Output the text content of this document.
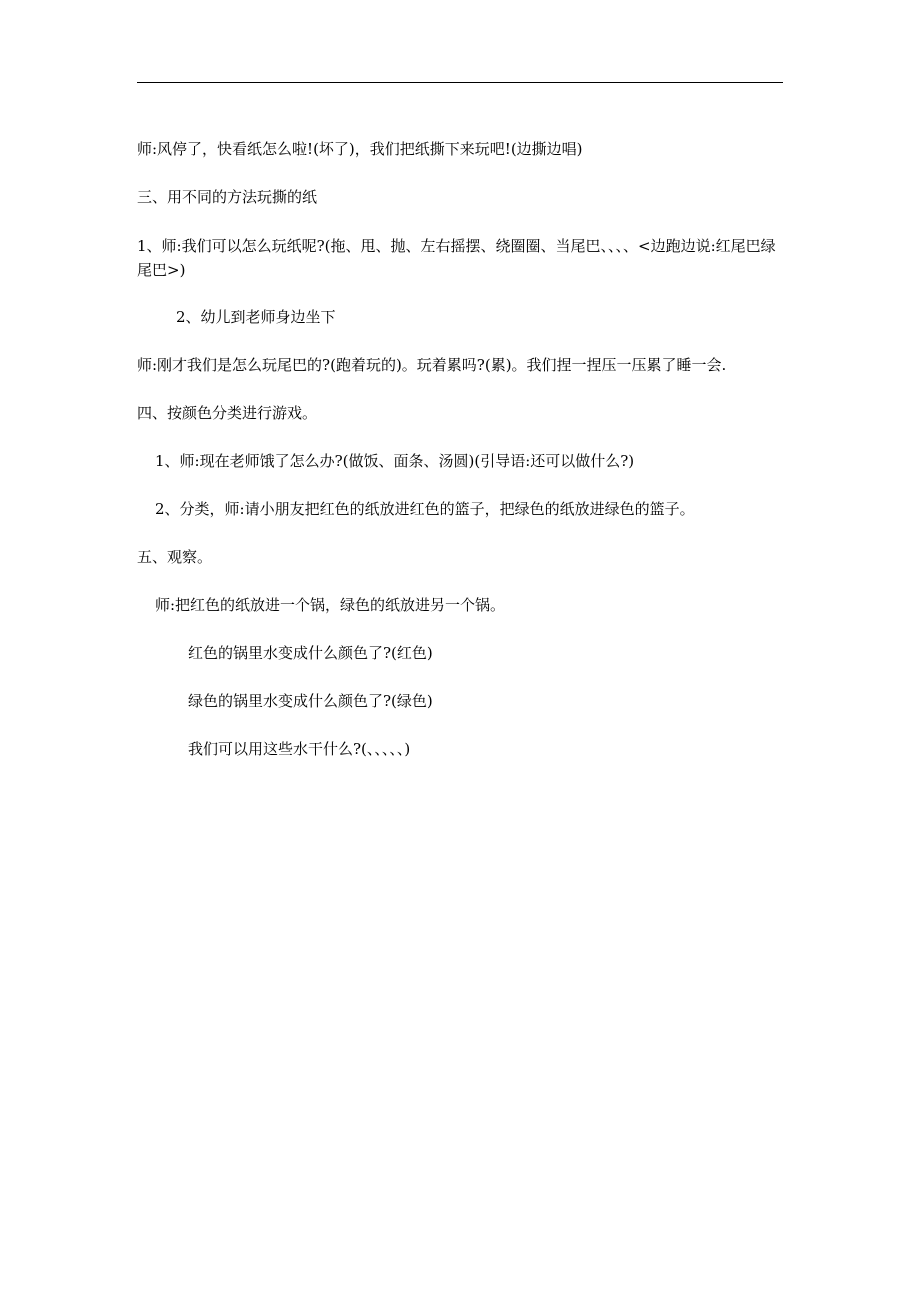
师:风停了，快看纸怎么啦!(坏了)，我们把纸撕下来玩吧!(边撕边唱)
三、用不同的方法玩撕的纸
1、师:我们可以怎么玩纸呢?(拖、甩、抛、左右摇摆、绕圈圈、当尾巴、、、、<边跑边说:红尾巴绿尾巴>)
2、幼儿到老师身边坐下
师:刚才我们是怎么玩尾巴的?(跑着玩的)。玩着累吗?(累)。我们捏一捏压一压累了睡一会.
四、按颜色分类进行游戏。
1、师:现在老师饿了怎么办?(做饭、面条、汤圆)(引导语:还可以做什么?)
2、分类，师:请小朋友把红色的纸放进红色的篮子，把绿色的纸放进绿色的篮子。
五、观察。
师:把红色的纸放进一个锅，绿色的纸放进另一个锅。
红色的锅里水变成什么颜色了?(红色)
绿色的锅里水变成什么颜色了?(绿色)
我们可以用这些水干什么?(、、、、、)
